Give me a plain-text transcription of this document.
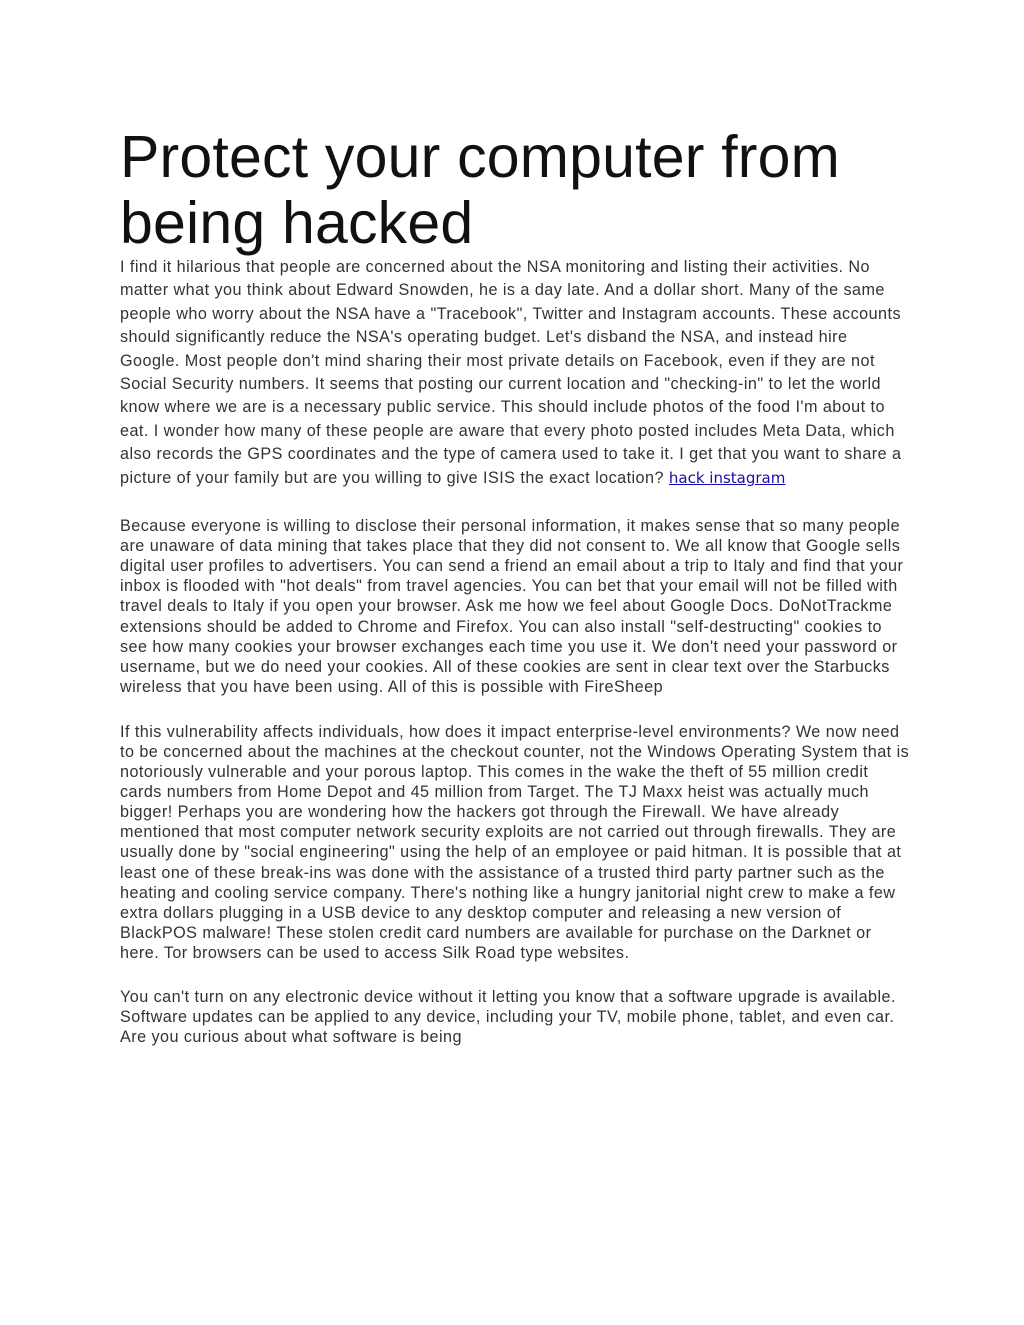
Protect your computer from being hacked

I find it hilarious that people are concerned about the NSA monitoring and listing their activities. No matter what you think about Edward Snowden, he is a day late. And a dollar short. Many of the same people who worry about the NSA have a "Tracebook", Twitter and Instagram accounts. These accounts should significantly reduce the NSA's operating budget. Let's disband the NSA, and instead hire Google. Most people don't mind sharing their most private details on Facebook, even if they are not Social Security numbers. It seems that posting our current location and "checking-in" to let the world know where we are is a necessary public service. This should include photos of the food I'm about to eat. I wonder how many of these people are aware that every photo posted includes Meta Data, which also records the GPS coordinates and the type of camera used to take it. I get that you want to share a picture of your family but are you willing to give ISIS the exact location? hack instagram

Because everyone is willing to disclose their personal information, it makes sense that so many people are unaware of data mining that takes place that they did not consent to. We all know that Google sells digital user profiles to advertisers. You can send a friend an email about a trip to Italy and find that your inbox is flooded with "hot deals" from travel agencies. You can bet that your email will not be filled with travel deals to Italy if you open your browser. Ask me how we feel about Google Docs. DoNotTrackme extensions should be added to Chrome and Firefox. You can also install "self-destructing" cookies to see how many cookies your browser exchanges each time you use it. We don't need your password or username, but we do need your cookies. All of these cookies are sent in clear text over the Starbucks wireless that you have been using. All of this is possible with FireSheep

If this vulnerability affects individuals, how does it impact enterprise-level environments? We now need to be concerned about the machines at the checkout counter, not the Windows Operating System that is notoriously vulnerable and your porous laptop. This comes in the wake the theft of 55 million credit cards numbers from Home Depot and 45 million from Target. The TJ Maxx heist was actually much bigger! Perhaps you are wondering how the hackers got through the Firewall. We have already mentioned that most computer network security exploits are not carried out through firewalls. They are usually done by "social engineering" using the help of an employee or paid hitman. It is possible that at least one of these break-ins was done with the assistance of a trusted third party partner such as the heating and cooling service company. There's nothing like a hungry janitorial night crew to make a few extra dollars plugging in a USB device to any desktop computer and releasing a new version of BlackPOS malware! These stolen credit card numbers are available for purchase on the Darknet or here. Tor browsers can be used to access Silk Road type websites.

You can't turn on any electronic device without it letting you know that a software upgrade is available. Software updates can be applied to any device, including your TV, mobile phone, tablet, and even car. Are you curious about what software is being
